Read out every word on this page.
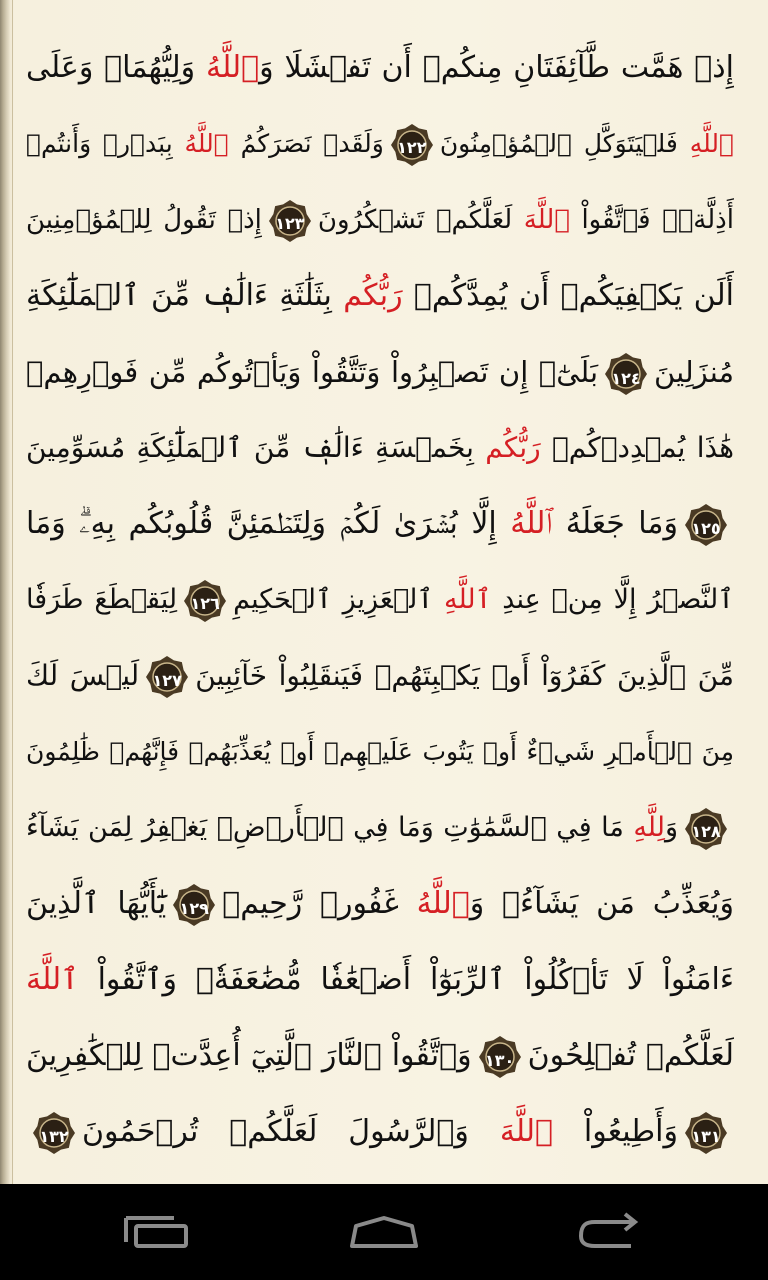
إِذۡ هَمَّت طَّآئِفَتَانِ مِنكُمۡ أَن تَفۡشَلَا وَٱللَّهُ وَلِيُّهُمَاۗ وَعَلَى
ٱللَّهِ فَلۡيَتَوَكَّلِ ٱلۡمُؤۡمِنُونَ
١٢٢وَلَقَدۡ نَصَرَكُمُ ٱللَّهُ بِبَدۡرٖ وَأَنتُمۡ
أَذِلَّةٞۖ فَٱتَّقُواْ ٱللَّهَ لَعَلَّكُمۡ تَشۡكُرُونَ
١٢٣إِذۡ تَقُولُ لِلۡمُؤۡمِنِينَ
أَلَن يَكۡفِيَكُمۡ أَن يُمِدَّكُمۡ رَبُّكُم بِثَلَٰثَةِ ءَالَٰفٖ مِّنَ ٱلۡمَلَٰٓئِكَةِ
مُنزَلِينَ
١٢٤بَلَىٰٓۚ إِن تَصۡبِرُواْ وَتَتَّقُواْ وَيَأۡتُوكُم مِّن فَوۡرِهِمۡ
هَٰذَا يُمۡدِدۡكُمۡ رَبُّكُم بِخَمۡسَةِ ءَالَٰفٖ مِّنَ ٱلۡمَلَٰٓئِكَةِ مُسَوِّمِينَ
١٢٥وَمَا جَعَلَهُ ٱللَّهُ إِلَّا بُشۡرَىٰ لَكُمۡ وَلِتَطۡمَئِنَّ قُلُوبُكُم بِهِۦۗ وَمَا
ٱلنَّصۡرُ إِلَّا مِنۡ عِندِ ٱللَّهِ ٱلۡعَزِيزِ ٱلۡحَكِيمِ
١٢٦لِيَقۡطَعَ طَرَفٗا
مِّنَ ٱلَّذِينَ كَفَرُوٓاْ أَوۡ يَكۡبِتَهُمۡ فَيَنقَلِبُواْ خَآئِبِينَ
١٢٧لَيۡسَ لَكَ
مِنَ ٱلۡأَمۡرِ شَيۡءٌ أَوۡ يَتُوبَ عَلَيۡهِمۡ أَوۡ يُعَذِّبَهُمۡ فَإِنَّهُمۡ ظَٰلِمُونَ
١٢٨وَلِلَّهِ مَا فِي ٱلسَّمَٰوَٰتِ وَمَا فِي ٱلۡأَرۡضِۚ يَغۡفِرُ لِمَن يَشَآءُ
وَيُعَذِّبُ مَن يَشَآءُۚ وَٱللَّهُ غَفُورٞ رَّحِيمٞ
١٢٩يَٰٓأَيُّهَا ٱلَّذِينَ
ءَامَنُواْ لَا تَأۡكُلُواْ ٱلرِّبَوٰٓاْ أَضۡعَٰفٗا مُّضَٰعَفَةٗۖ وَٱتَّقُواْ ٱللَّهَ
لَعَلَّكُمۡ تُفۡلِحُونَ
١٣٠وَٱتَّقُواْ ٱلنَّارَ ٱلَّتِيٓ أُعِدَّتۡ لِلۡكَٰفِرِينَ
١٣١وَأَطِيعُواْ ٱللَّهَ وَٱلرَّسُولَ لَعَلَّكُمۡ تُرۡحَمُونَ
١٣٢
